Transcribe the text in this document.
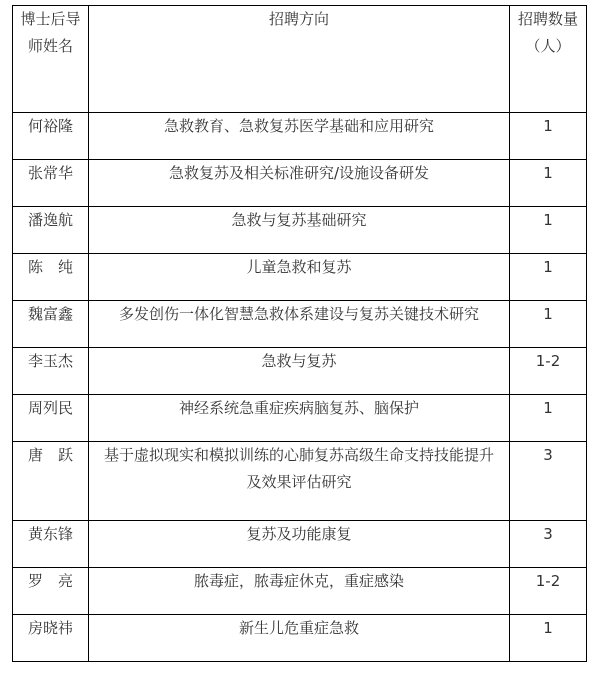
博士后导师姓名	招聘方向	招聘数量（人）
何裕隆	急救教育、急救复苏医学基础和应用研究	1
张常华	急救复苏及相关标准研究/设施设备研发	1
潘逸航	急救与复苏基础研究	1
陈　纯	儿童急救和复苏	1
魏富鑫	多发创伤一体化智慧急救体系建设与复苏关键技术研究	1
李玉杰	急救与复苏	1-2
周列民	神经系统急重症疾病脑复苏、脑保护	1
唐　跃	基于虚拟现实和模拟训练的心肺复苏高级生命支持技能提升及效果评估研究	3
黄东锋	复苏及功能康复	3
罗　亮	脓毒症，脓毒症休克，重症感染	1-2
房晓祎	新生儿危重症急救	1
